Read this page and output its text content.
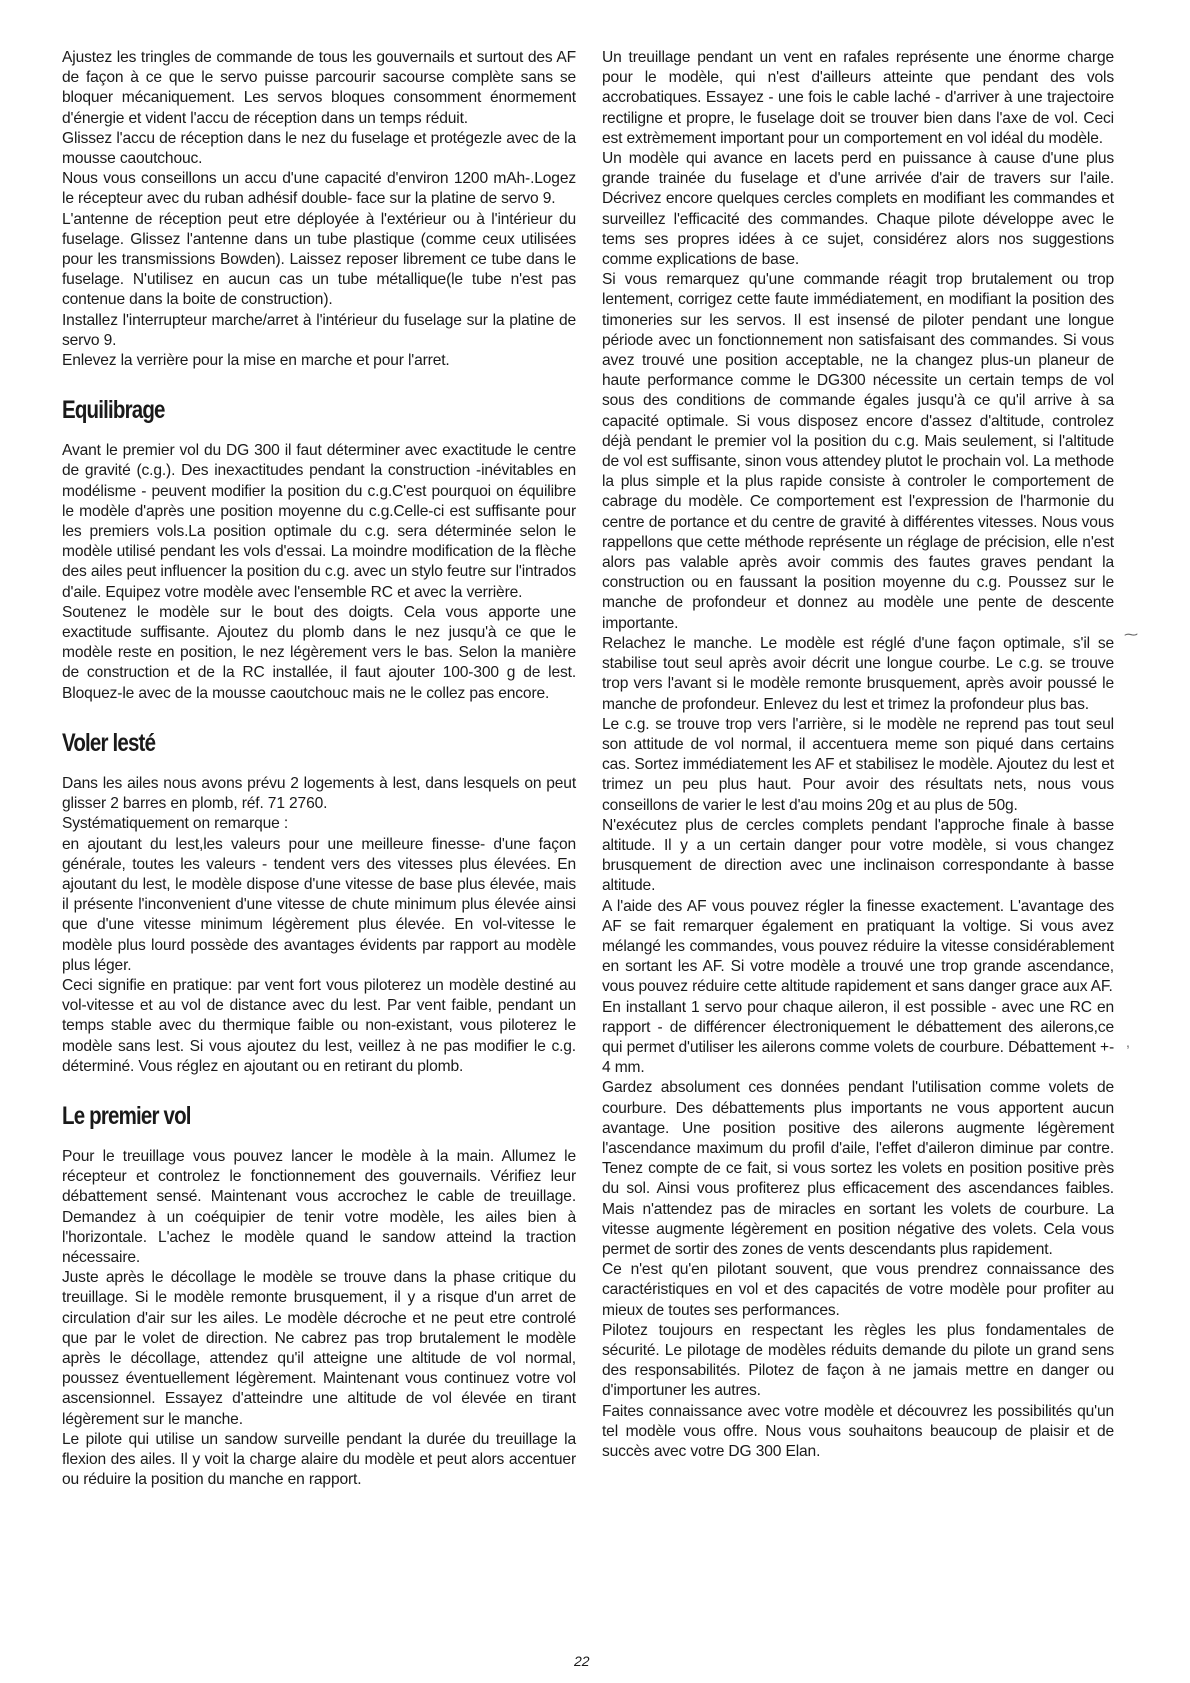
Ajustez les tringles de commande de tous les gouvernails et surtout des AF de façon à ce que le servo puisse parcourir sacourse complète sans se bloquer mécaniquement. Les servos bloques consomment énormement d'énergie et vident l'accu de réception dans un temps réduit.

Glissez l'accu de réception dans le nez du fuselage et protégezle avec de la mousse caoutchouc.

Nous vous conseillons un accu d'une capacité d'environ 1200 mAh-.Logez le récepteur avec du ruban adhésif double- face sur la platine de servo 9.

L'antenne de réception peut etre déployée à l'extérieur ou à l'intérieur du fuselage. Glissez l'antenne dans un tube plastique (comme ceux utilisées pour les transmissions Bowden). Laissez reposer librement ce tube dans le fuselage. N'utilisez en aucun cas un tube métallique(le tube n'est pas contenue dans la boite de construction).

Installez l'interrupteur marche/arret à l'intérieur du fuselage sur la platine de servo 9.

Enlevez la verrière pour la mise en marche et pour l'arret.

Equilibrage

Avant le premier vol du DG 300 il faut déterminer avec exactitude le centre de gravité (c.g.). Des inexactitudes pendant la construction -inévitables en modélisme - peuvent modifier la position du c.g.C'est pourquoi on équilibre le modèle d'après une position moyenne du c.g.Celle-ci est suffisante pour les premiers vols.La position optimale du c.g. sera déterminée selon le modèle utilisé pendant les vols d'essai. La moindre modification de la flèche des ailes peut influencer la position du c.g. avec un stylo feutre sur l'intrados d'aile. Equipez votre modèle avec l'ensemble RC et avec la verrière.

Soutenez le modèle sur le bout des doigts. Cela vous apporte une exactitude suffisante. Ajoutez du plomb dans le nez jusqu'à ce que le modèle reste en position, le nez légèrement vers le bas. Selon la manière de construction et de la RC installée, il faut ajouter 100-300 g de lest. Bloquez-le avec de la mousse caoutchouc mais ne le collez pas encore.

Voler lesté

Dans les ailes nous avons prévu 2 logements à lest, dans lesquels on peut glisser 2 barres en plomb, réf. 71 2760.

Systématiquement on remarque :

en ajoutant du lest,les valeurs pour une meilleure finesse- d'une façon générale, toutes les valeurs - tendent vers des vitesses plus élevées. En ajoutant du lest, le modèle dispose d'une vitesse de base plus élevée, mais il présente l'inconvenient d'une vitesse de chute minimum plus élevée ainsi que d'une vitesse minimum légèrement plus élevée. En vol-vitesse le modèle plus lourd possède des avantages évidents par rapport au modèle plus léger.

Ceci signifie en pratique: par vent fort vous piloterez un modèle destiné au vol-vitesse et au vol de distance avec du lest. Par vent faible, pendant un temps stable avec du thermique faible ou non-existant, vous piloterez le modèle sans lest. Si vous ajoutez du lest, veillez à ne pas modifier le c.g. déterminé. Vous réglez en ajoutant ou en retirant du plomb.

Le premier vol

Pour le treuillage vous pouvez lancer le modèle à la main. Allumez le récepteur et controlez le fonctionnement des gouvernails. Vérifiez leur débattement sensé. Maintenant vous accrochez le cable de treuillage. Demandez à un coéquipier de tenir votre modèle, les ailes bien à l'horizontale. L'achez le modèle quand le sandow atteind la traction nécessaire.

Juste après le décollage le modèle se trouve dans la phase critique du treuillage. Si le modèle remonte brusquement, il y a risque d'un arret de circulation d'air sur les ailes. Le modèle décroche et ne peut etre controlé que par le volet de direction. Ne cabrez pas trop brutalement le modèle après le décollage, attendez qu'il atteigne une altitude de vol normal, poussez éventuellement légèrement. Maintenant vous continuez votre vol ascensionnel. Essayez d'atteindre une altitude de vol élevée en tirant légèrement sur le manche.

Le pilote qui utilise un sandow surveille pendant la durée du treuillage la flexion des ailes. Il y voit la charge alaire du modèle et peut alors accentuer ou réduire la position du manche en rapport.

Un treuillage pendant un vent en rafales représente une énorme charge pour le modèle, qui n'est d'ailleurs atteinte que pendant des vols accrobatiques. Essayez - une fois le cable laché - d'arriver à une trajectoire rectiligne et propre, le fuselage doit se trouver bien dans l'axe de vol. Ceci est extrèmement important pour un comportement en vol idéal du modèle.

Un modèle qui avance en lacets perd en puissance à cause d'une plus grande trainée du fuselage et d'une arrivée d'air de travers sur l'aile. Décrivez encore quelques cercles complets en modifiant les commandes et surveillez l'efficacité des commandes. Chaque pilote développe avec le tems ses propres idées à ce sujet, considérez alors nos suggestions comme explications de base.

Si vous remarquez qu'une commande réagit trop brutalement ou trop lentement, corrigez cette faute immédiatement, en modifiant la position des timoneries sur les servos. Il est insensé de piloter pendant une longue période avec un fonctionnement non satisfaisant des commandes. Si vous avez trouvé une position acceptable, ne la changez plus-un planeur de haute performance comme le DG300 nécessite un certain temps de vol sous des conditions de commande égales jusqu'à ce qu'il arrive à sa capacité optimale. Si vous disposez encore d'assez d'altitude, controlez déjà pendant le premier vol la position du c.g. Mais seulement, si l'altitude de vol est suffisante, sinon vous attendey plutot le prochain vol. La methode la plus simple et la plus rapide consiste à controler le comportement de cabrage du modèle. Ce comportement est l'expression de l'harmonie du centre de portance et du centre de gravité à différentes vitesses. Nous vous rappellons que cette méthode représente un réglage de précision, elle n'est alors pas valable après avoir commis des fautes graves pendant la construction ou en faussant la position moyenne du c.g. Poussez sur le manche de profondeur et donnez au modèle une pente de descente importante.

Relachez le manche. Le modèle est réglé d'une façon optimale, s'il se stabilise tout seul après avoir décrit une longue courbe. Le c.g. se trouve trop vers l'avant si le modèle remonte brusquement, après avoir poussé le manche de profondeur. Enlevez du lest et trimez la profondeur plus bas.

Le c.g. se trouve trop vers l'arrière, si le modèle ne reprend pas tout seul son attitude de vol normal, il accentuera meme son piqué dans certains cas. Sortez immédiatement les AF et stabilisez le modèle. Ajoutez du lest et trimez un peu plus haut. Pour avoir des résultats nets, nous vous conseillons de varier le lest d'au moins 20g et au plus de 50g.

N'exécutez plus de cercles complets pendant l'approche finale à basse altitude. Il y a un certain danger pour votre modèle, si vous changez brusquement de direction avec une inclinaison correspondante à basse altitude.

A l'aide des AF vous pouvez régler la finesse exactement. L'avantage des AF se fait remarquer également en pratiquant la voltige. Si vous avez mélangé les commandes, vous pouvez réduire la vitesse considérablement en sortant les AF. Si votre modèle a trouvé une trop grande ascendance, vous pouvez réduire cette altitude rapidement et sans danger grace aux AF.

En installant 1 servo pour chaque aileron, il est possible - avec une RC en rapport - de différencer électroniquement le débattement des ailerons,ce qui permet d'utiliser les ailerons comme volets de courbure. Débattement +- 4 mm.

Gardez absolument ces données pendant l'utilisation comme volets de courbure. Des débattements plus importants ne vous apportent aucun avantage. Une position positive des ailerons augmente légèrement l'ascendance maximum du profil d'aile, l'effet d'aileron diminue par contre. Tenez compte de ce fait, si vous sortez les volets en position positive près du sol. Ainsi vous profiterez plus efficacement des ascendances faibles. Mais n'attendez pas de miracles en sortant les volets de courbure. La vitesse augmente légèrement en position négative des volets. Cela vous permet de sortir des zones de vents descendants plus rapidement.

Ce n'est qu'en pilotant souvent, que vous prendrez connaissance des caractéristiques en vol et des capacités de votre modèle pour profiter au mieux de toutes ses performances.

Pilotez toujours en respectant les règles les plus fondamentales de sécurité. Le pilotage de modèles réduits demande du pilote un grand sens des responsabilités. Pilotez de façon à ne jamais mettre en danger ou d'importuner les autres.

Faites connaissance avec votre modèle et découvrez les possibilités qu'un tel modèle vous offre. Nous vous souhaitons beaucoup de plaisir et de succès avec votre DG 300 Elan.

⁓
,
22
